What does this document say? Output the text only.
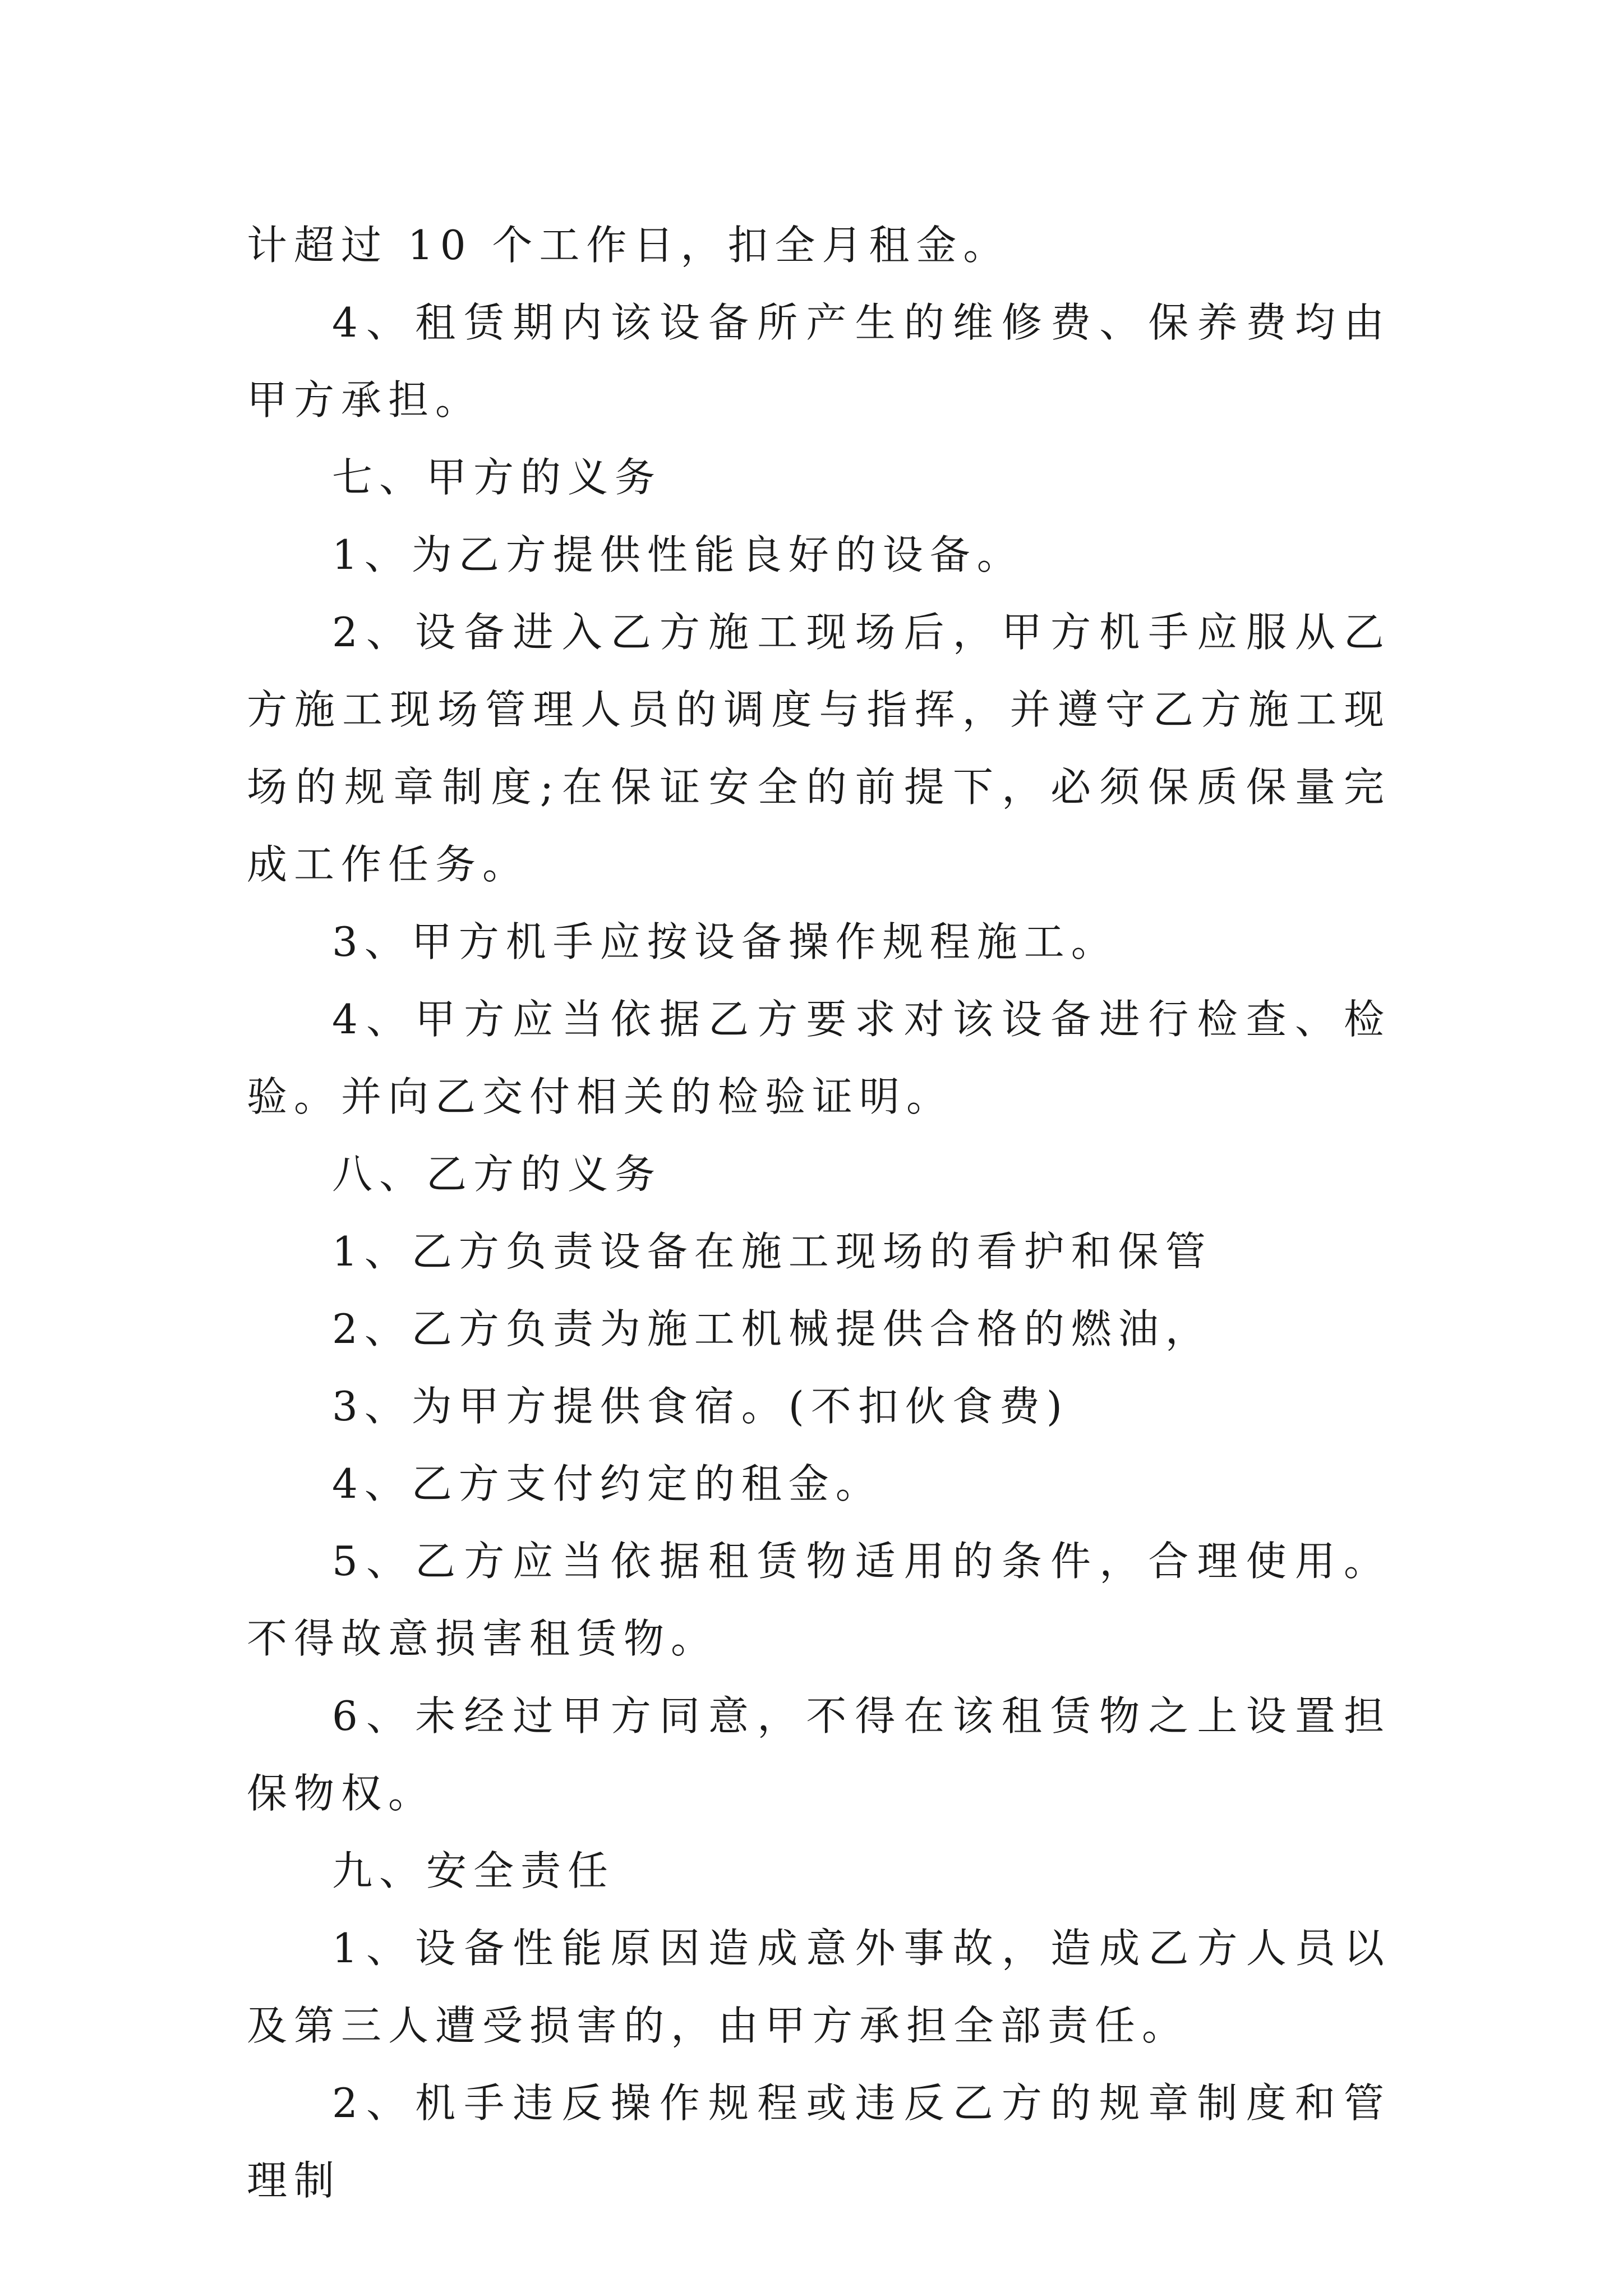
计超过 10 个工作日，扣全月租金。

4、租赁期内该设备所产生的维修费、保养费均由甲方承担。

七、甲方的义务

1、为乙方提供性能良好的设备。

2、设备进入乙方施工现场后，甲方机手应服从乙方施工现场管理人员的调度与指挥，并遵守乙方施工现场的规章制度;在保证安全的前提下，必须保质保量完成工作任务。

3、甲方机手应按设备操作规程施工。

4、甲方应当依据乙方要求对该设备进行检查、检验。并向乙交付相关的检验证明。

八、乙方的义务

1、乙方负责设备在施工现场的看护和保管

2、乙方负责为施工机械提供合格的燃油，

3、为甲方提供食宿。(不扣伙食费)

4、乙方支付约定的租金。

5、乙方应当依据租赁物适用的条件，合理使用。不得故意损害租赁物。

6、未经过甲方同意，不得在该租赁物之上设置担保物权。

九、安全责任

1、设备性能原因造成意外事故，造成乙方人员以及第三人遭受损害的，由甲方承担全部责任。

2、机手违反操作规程或违反乙方的规章制度和管理制
